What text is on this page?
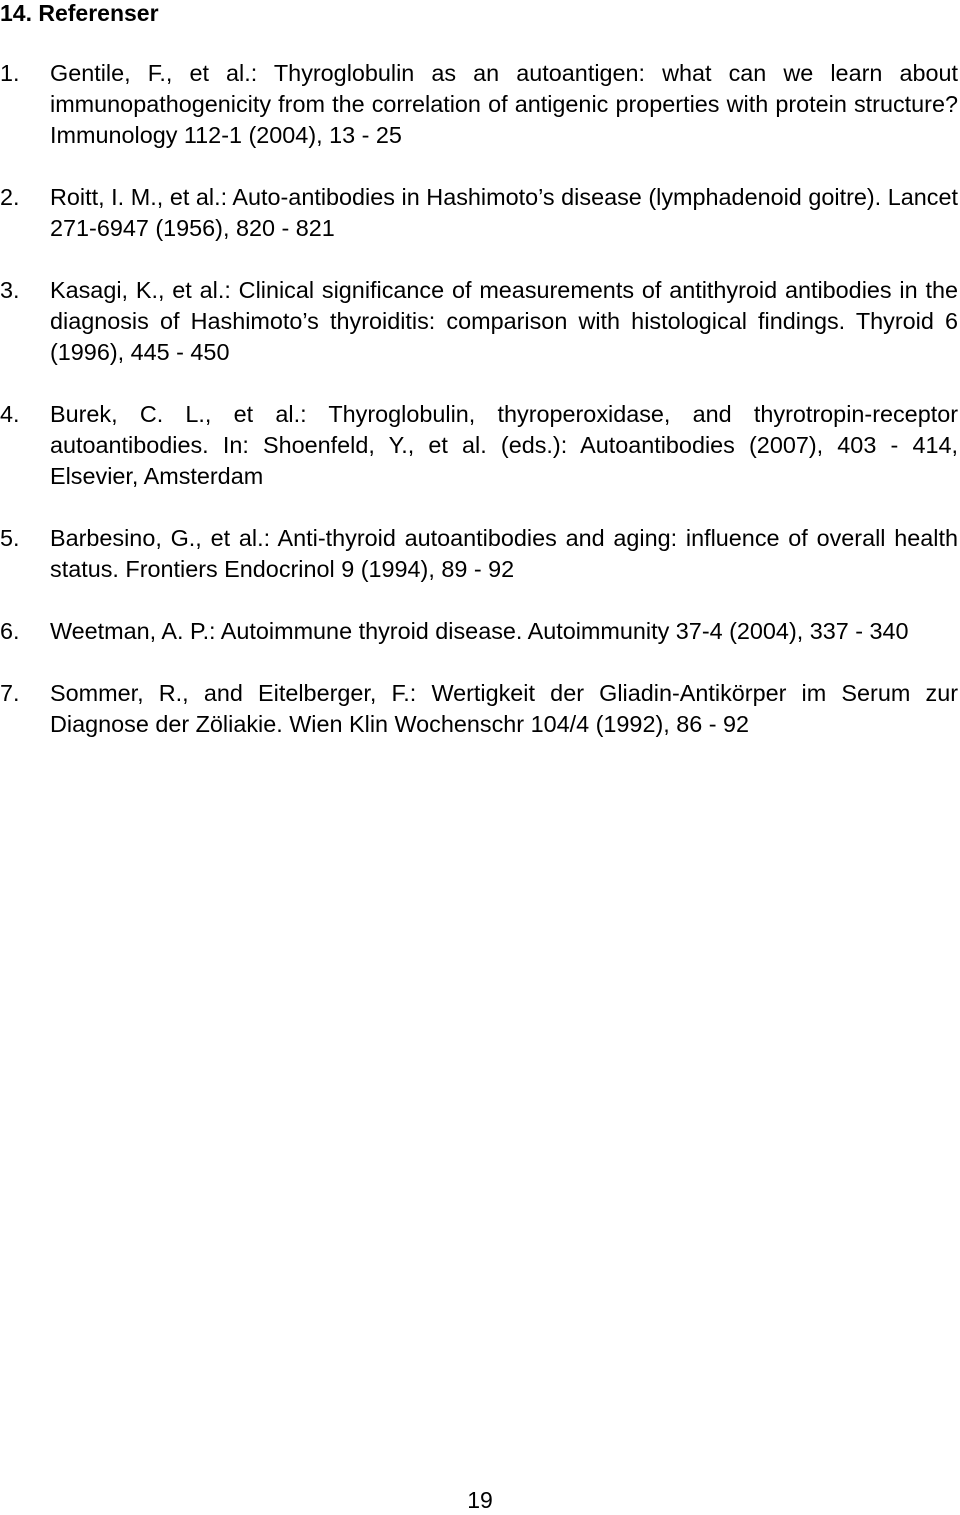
14. Referenser
1. Gentile, F., et al.: Thyroglobulin as an autoantigen: what can we learn about immunopathogenicity from the correlation of antigenic properties with protein structure? Immunology 112-1 (2004), 13 - 25
2. Roitt, I. M., et al.: Auto-antibodies in Hashimoto’s disease (lymphadenoid goitre). Lancet 271-6947 (1956), 820 - 821
3. Kasagi, K., et al.: Clinical significance of measurements of antithyroid antibodies in the diagnosis of Hashimoto’s thyroiditis: comparison with histological findings. Thyroid 6 (1996), 445 - 450
4. Burek, C. L., et al.: Thyroglobulin, thyroperoxidase, and thyrotropin-receptor autoantibodies. In: Shoenfeld, Y., et al. (eds.): Autoantibodies (2007), 403 - 414, Elsevier, Amsterdam
5. Barbesino, G., et al.: Anti-thyroid autoantibodies and aging: influence of overall health status. Frontiers Endocrinol 9 (1994), 89 - 92
6. Weetman, A. P.: Autoimmune thyroid disease. Autoimmunity 37-4 (2004), 337 - 340
7. Sommer, R., and Eitelberger, F.: Wertigkeit der Gliadin-Antikörper im Serum zur Diagnose der Zöliakie. Wien Klin Wochenschr 104/4 (1992), 86 - 92
19
